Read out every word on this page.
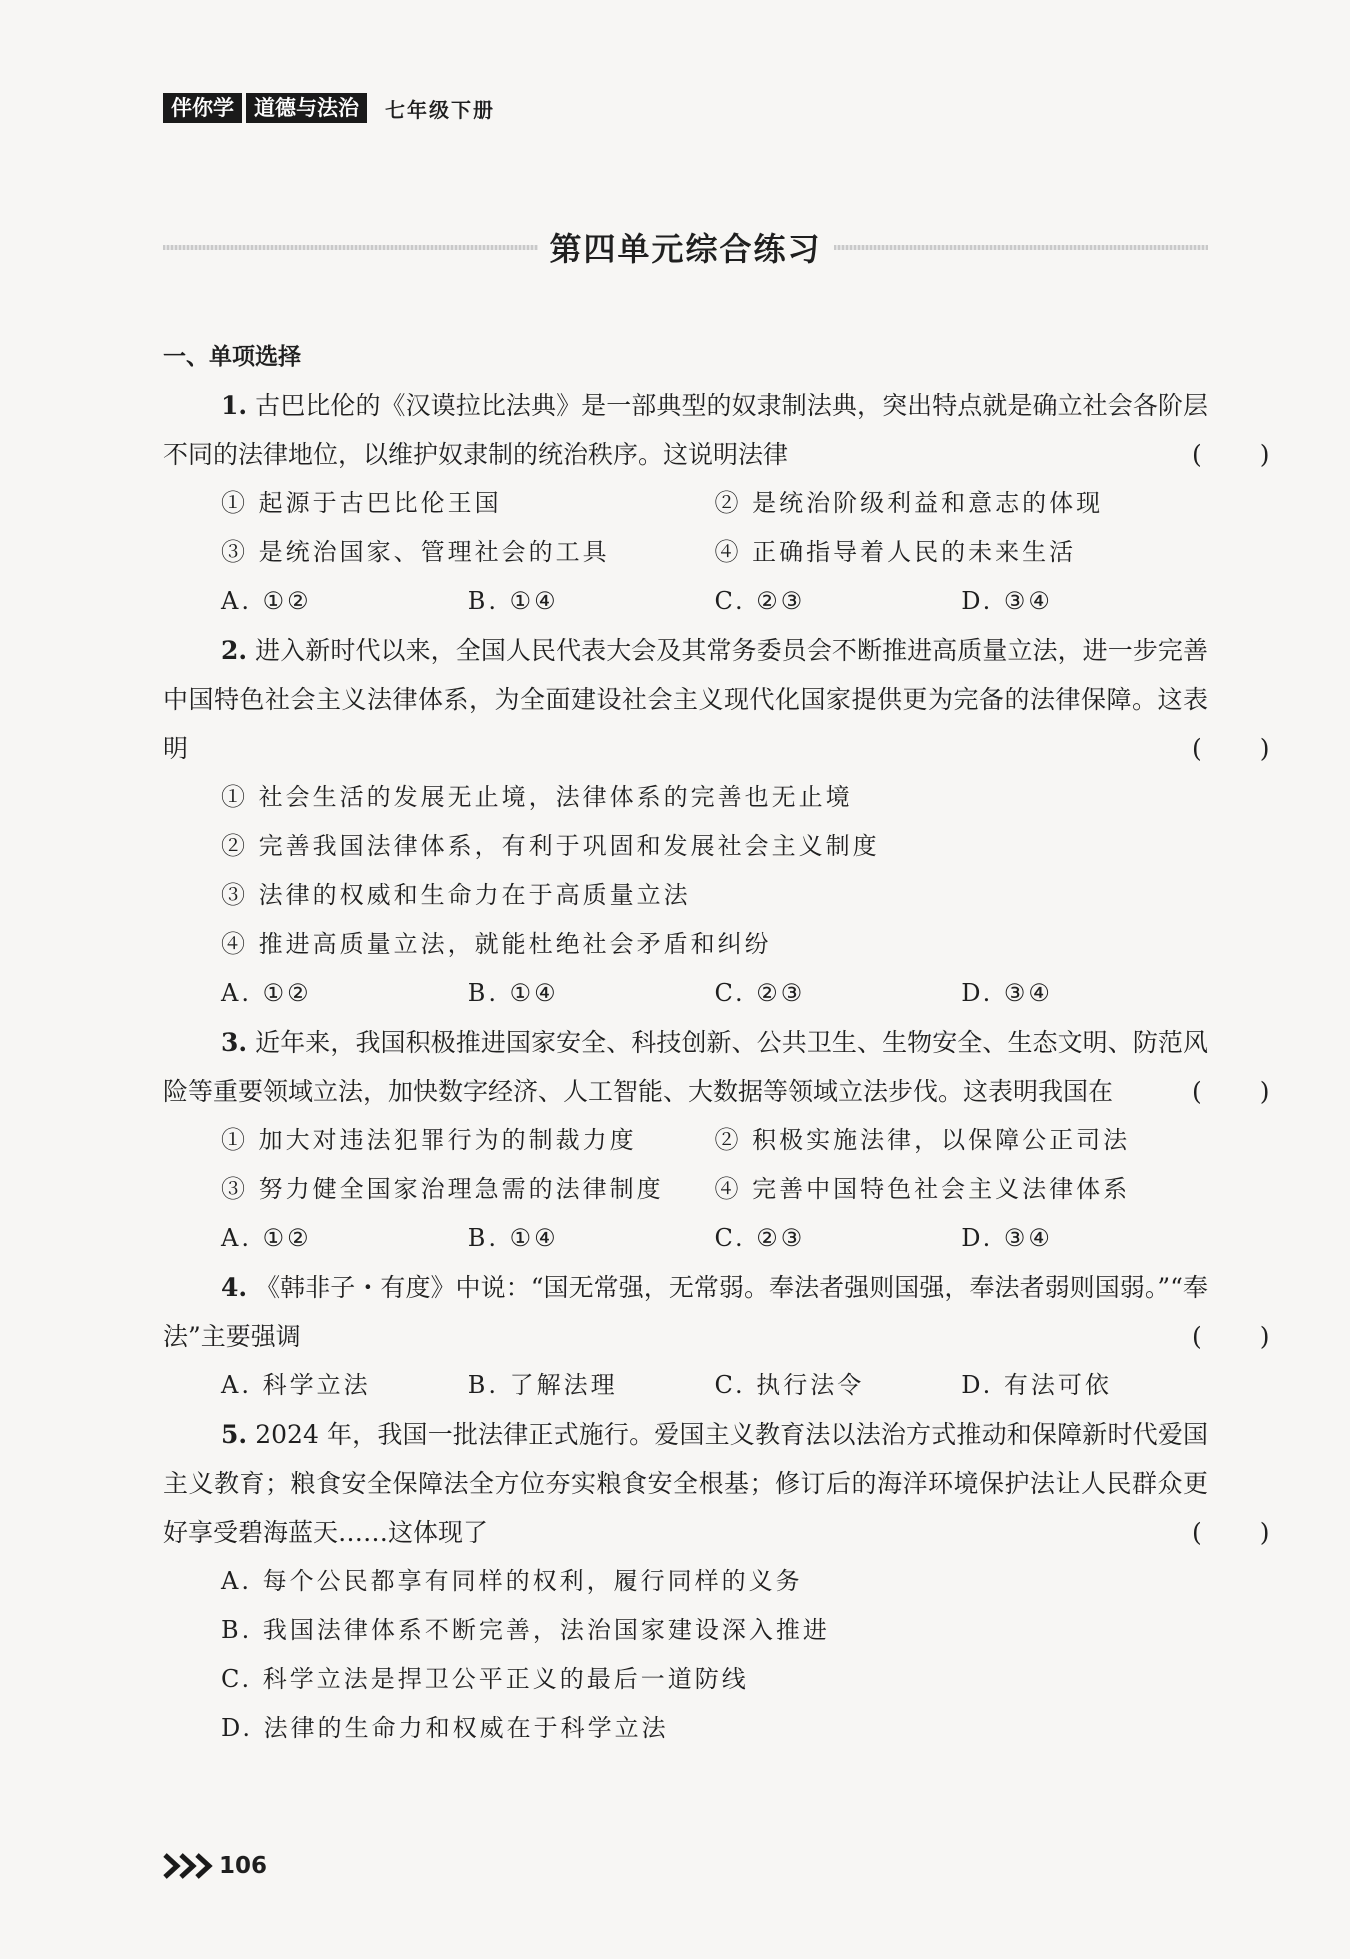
伴你学 道德与法治	七年级下册
第四单元综合练习
一、单项选择
1. 古巴比伦的《汉谟拉比法典》是一部典型的奴隶制法典，突出特点就是确立社会各阶层不同的法律地位，以维护奴隶制的统治秩序。这说明法律	(	)
① 起源于古巴比伦王国	② 是统治阶级利益和意志的体现
③ 是统治国家、管理社会的工具	④ 正确指导着人民的未来生活
A. ①②	B. ①④	C. ②③	D. ③④
2. 进入新时代以来，全国人民代表大会及其常务委员会不断推进高质量立法，进一步完善中国特色社会主义法律体系，为全面建设社会主义现代化国家提供更为完备的法律保障。这表明	(	)
① 社会生活的发展无止境，法律体系的完善也无止境
② 完善我国法律体系，有利于巩固和发展社会主义制度
③ 法律的权威和生命力在于高质量立法
④ 推进高质量立法，就能杜绝社会矛盾和纠纷
A. ①②	B. ①④	C. ②③	D. ③④
3. 近年来，我国积极推进国家安全、科技创新、公共卫生、生物安全、生态文明、防范风险等重要领域立法，加快数字经济、人工智能、大数据等领域立法步伐。这表明我国在	(	)
① 加大对违法犯罪行为的制裁力度	② 积极实施法律，以保障公正司法
③ 努力健全国家治理急需的法律制度	④ 完善中国特色社会主义法律体系
A. ①②	B. ①④	C. ②③	D. ③④
4. 《韩非子・有度》中说：“国无常强，无常弱。奉法者强则国强，奉法者弱则国弱。”“奉法”主要强调	(	)
A. 科学立法	B. 了解法理	C. 执行法令	D. 有法可依
5. 2024 年，我国一批法律正式施行。爱国主义教育法以法治方式推动和保障新时代爱国主义教育；粮食安全保障法全方位夯实粮食安全根基；修订后的海洋环境保护法让人民群众更好享受碧海蓝天……这体现了	(	)
A. 每个公民都享有同样的权利，履行同样的义务
B. 我国法律体系不断完善，法治国家建设深入推进
C. 科学立法是捍卫公平正义的最后一道防线
D. 法律的生命力和权威在于科学立法
106
